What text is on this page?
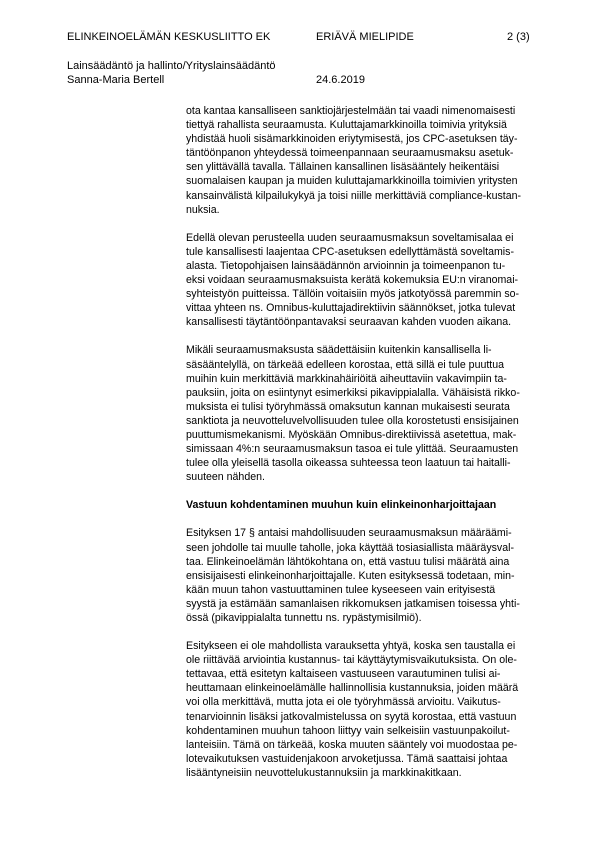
ELINKEINOELÄMÄN KESKUSLIITTO EK	ERIÄVÄ MIELIPIDE	2 (3)
Lainsäädäntö ja hallinto/Yrityslainsäädäntö
Sanna-Maria Bertell	24.6.2019

ota kantaa kansalliseen sanktiojärjestelmään tai vaadi nimenomaisesti
tiettyä rahallista seuraamusta. Kuluttajamarkkinoilla toimivia yrityksiä
yhdistää huoli sisämarkkinoiden eriytymisestä, jos CPC-asetuksen täy-
täntöönpanon yhteydessä toimeenpannaan seuraamusmaksu asetuk-
sen ylittävällä tavalla. Tällainen kansallinen lisäsääntely heikentäisi
suomalaisen kaupan ja muiden kuluttajamarkkinoilla toimivien yritysten
kansainvälistä kilpailukykyä ja toisi niille merkittäviä compliance-kustan-
nuksia.

Edellä olevan perusteella uuden seuraamusmaksun soveltamisalaa ei
tule kansallisesti laajentaa CPC-asetuksen edellyttämästä soveltamis-
alasta. Tietopohjaisen lainsäädännön arvioinnin ja toimeenpanon tu-
eksi voidaan seuraamusmaksuista kerätä kokemuksia EU:n viranomai-
syhteistyön puitteissa. Tällöin voitaisiin myös jatkotyössä paremmin so-
vittaa yhteen ns. Omnibus-kuluttajadirektiivin säännökset, jotka tulevat
kansallisesti täytäntöönpantavaksi seuraavan kahden vuoden aikana.

Mikäli seuraamusmaksusta säädettäisiin kuitenkin kansallisella li-
säsääntelyllä, on tärkeää edelleen korostaa, että sillä ei tule puuttua
muihin kuin merkittäviä markkinahäiriöitä aiheuttaviin vakavimpiin ta-
pauksiin, joita on esiintynyt esimerkiksi pikavippialalla. Vähäisistä rikko-
muksista ei tulisi työryhmässä omaksutun kannan mukaisesti seurata
sanktiota ja neuvotteluvelvollisuuden tulee olla korostetusti ensisijainen
puuttumismekanismi. Myöskään Omnibus-direktiivissä asetettua, mak-
simissaan 4%:n seuraamusmaksun tasoa ei tule ylittää. Seuraamusten
tulee olla yleisellä tasolla oikeassa suhteessa teon laatuun tai haitalli-
suuteen nähden.

Vastuun kohdentaminen muuhun kuin elinkeinonharjoittajaan

Esityksen 17 § antaisi mahdollisuuden seuraamusmaksun määräämi-
seen johdolle tai muulle taholle, joka käyttää tosiasiallista määräysval-
taa. Elinkeinoelämän lähtökohtana on, että vastuu tulisi määrätä aina
ensisijaisesti elinkeinonharjoittajalle. Kuten esityksessä todetaan, min-
kään muun tahon vastuuttaminen tulee kyseeseen vain erityisestä
syystä ja estämään samanlaisen rikkomuksen jatkamisen toisessa yhti-
össä (pikavippialalta tunnettu ns. rypästymisilmiö).

Esitykseen ei ole mahdollista varauksetta yhtyä, koska sen taustalla ei
ole riittävää arviointia kustannus- tai käyttäytymisvaikutuksista. On ole-
tettavaa, että esitetyn kaltaiseen vastuuseen varautuminen tulisi ai-
heuttamaan elinkeinoelämälle hallinnollisia kustannuksia, joiden määrä
voi olla merkittävä, mutta jota ei ole työryhmässä arvioitu. Vaikutus-
tenarvioinnin lisäksi jatkovalmistelussa on syytä korostaa, että vastuun
kohdentaminen muuhun tahoon liittyy vain selkeisiin vastuunpakoilut-
lanteisiin. Tämä on tärkeää, koska muuten sääntely voi muodostaa pe-
lotevaikutuksen vastuidenjakoon arvoketjussa. Tämä saattaisi johtaa
lisääntyneisiin neuvottelukustannuksiin ja markkinakitkaan.
